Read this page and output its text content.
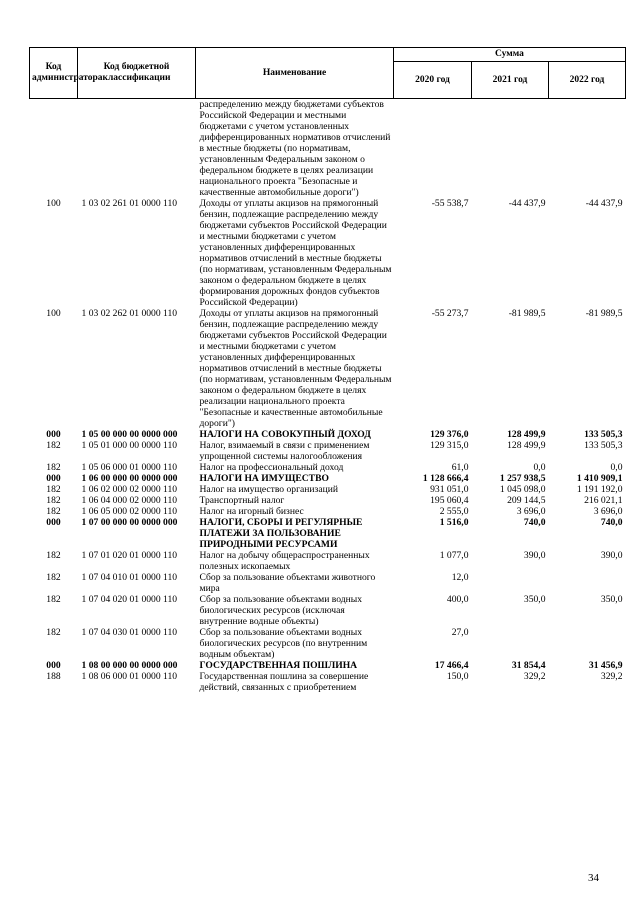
Код администратора	Код бюджетной классификации	Наименование	Сумма		
			2020 год	2021 год	2022 год
		распределению между бюджетами субъектов Российской Федерации и местными бюджетами с учетом установленных дифференцированных нормативов отчислений в местные бюджеты (по нормативам, установленным Федеральным законом о федеральном бюджете в целях реализации национального проекта "Безопасные и качественные автомобильные дороги")			
100	1 03 02 261 01 0000 110	Доходы от уплаты акцизов на прямогонный бензин, подлежащие распределению между бюджетами субъектов Российской Федерации и местными бюджетами с учетом установленных дифференцированных нормативов отчислений в местные бюджеты (по нормативам, установленным Федеральным законом о федеральном бюджете в целях формирования дорожных фондов субъектов Российской Федерации)	-55 538,7	-44 437,9	-44 437,9
100	1 03 02 262 01 0000 110	Доходы от уплаты акцизов на прямогонный бензин, подлежащие распределению между бюджетами субъектов Российской Федерации и местными бюджетами с учетом установленных дифференцированных нормативов отчислений в местные бюджеты (по нормативам, установленным Федеральным законом о федеральном бюджете в целях реализации национального проекта "Безопасные и качественные автомобильные дороги")	-55 273,7	-81 989,5	-81 989,5
000	1 05 00 000 00 0000 000	НАЛОГИ НА СОВОКУПНЫЙ ДОХОД	129 376,0	128 499,9	133 505,3
182	1 05 01 000 00 0000 110	Налог, взимаемый в связи с применением упрощенной системы налогообложения	129 315,0	128 499,9	133 505,3
182	1 05 06 000 01 0000 110	Налог на профессиональный доход	61,0	0,0	0,0
000	1 06 00 000 00 0000 000	НАЛОГИ НА ИМУЩЕСТВО	1 128 666,4	1 257 938,5	1 410 909,1
182	1 06 02 000 02 0000 110	Налог на имущество организаций	931 051,0	1 045 098,0	1 191 192,0
182	1 06 04 000 02 0000 110	Транспортный налог	195 060,4	209 144,5	216 021,1
182	1 06 05 000 02 0000 110	Налог на игорный бизнес	2 555,0	3 696,0	3 696,0
000	1 07 00 000 00 0000 000	НАЛОГИ, СБОРЫ И РЕГУЛЯРНЫЕ ПЛАТЕЖИ ЗА ПОЛЬЗОВАНИЕ ПРИРОДНЫМИ РЕСУРСАМИ	1 516,0	740,0	740,0
182	1 07 01 020 01 0000 110	Налог на добычу общераспространенных полезных ископаемых	1 077,0	390,0	390,0
182	1 07 04 010 01 0000 110	Сбор за пользование объектами животного мира	12,0		
182	1 07 04 020 01 0000 110	Сбор за пользование объектами водных биологических ресурсов (исключая внутренние водные объекты)	400,0	350,0	350,0
182	1 07 04 030 01 0000 110	Сбор за пользование объектами водных биологических ресурсов (по внутренним водным объектам)	27,0		
000	1 08 00 000 00 0000 000	ГОСУДАРСТВЕННАЯ ПОШЛИНА	17 466,4	31 854,4	31 456,9
188	1 08 06 000 01 0000 110	Государственная пошлина за совершение действий, связанных с приобретением	150,0	329,2	329,2
34
